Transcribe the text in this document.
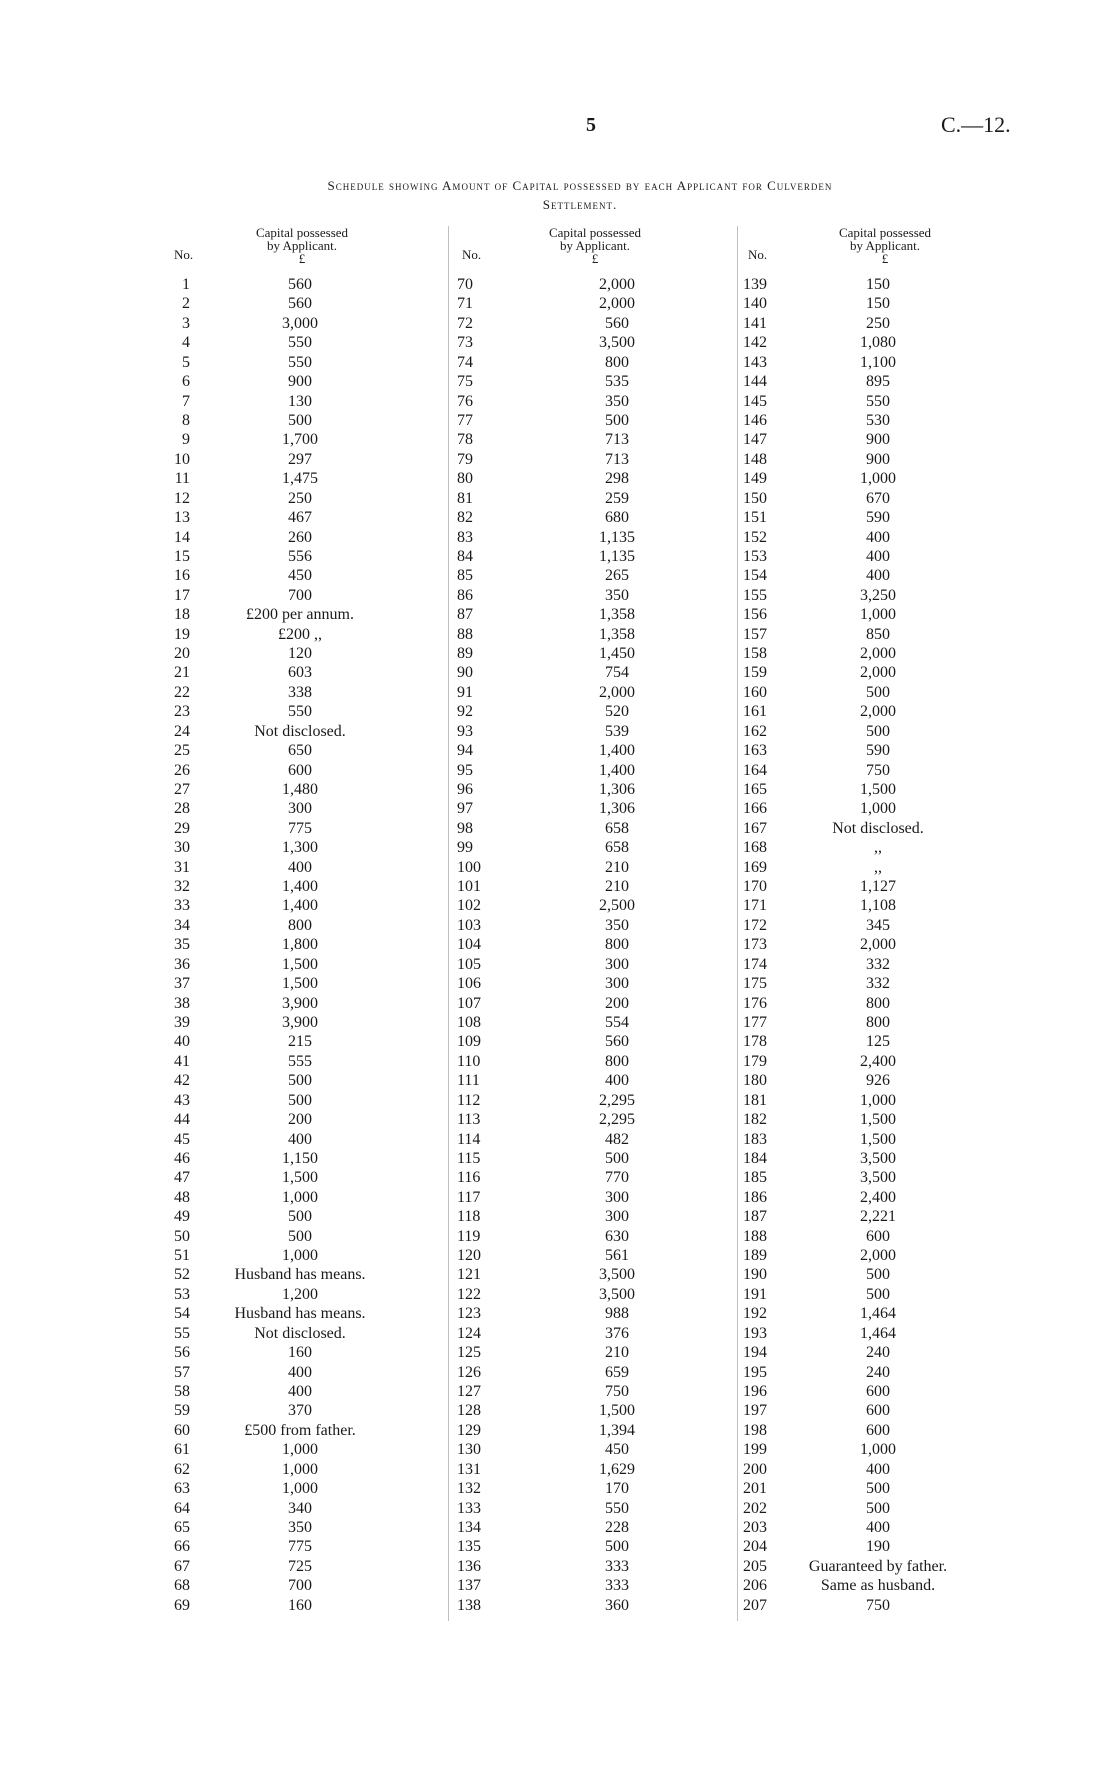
5	C.—12.
Schedule showing Amount of Capital possessed by each Applicant for Culverden
Settlement.
No.
Capital possessed
by Applicant.
£	No.
Capital possessed
by Applicant.
£	No.
Capital possessed
by Applicant.
£
1	560
2	560
3	3,000
4	550
5	550
6	900
7	130
8	500
9	1,700
10	297
11	1,475
12	250
13	467
14	260
15	556
16	450
17	700
18	£200 per annum.
19	£200 ,,
20	120
21	603
22	338
23	550
24	Not disclosed.
25	650
26	600
27	1,480
28	300
29	775
30	1,300
31	400
32	1,400
33	1,400
34	800
35	1,800
36	1,500
37	1,500
38	3,900
39	3,900
40	215
41	555
42	500
43	500
44	200
45	400
46	1,150
47	1,500
48	1,000
49	500
50	500
51	1,000
52	Husband has means.
53	1,200
54	Husband has means.
55	Not disclosed.
56	160
57	400
58	400
59	370
60	£500 from father.
61	1,000
62	1,000
63	1,000
64	340
65	350
66	775
67	725
68	700
69	160
70	2,000
71	2,000
72	560
73	3,500
74	800
75	535
76	350
77	500
78	713
79	713
80	298
81	259
82	680
83	1,135
84	1,135
85	265
86	350
87	1,358
88	1,358
89	1,450
90	754
91	2,000
92	520
93	539
94	1,400
95	1,400
96	1,306
97	1,306
98	658
99	658
100	210
101	210
102	2,500
103	350
104	800
105	300
106	300
107	200
108	554
109	560
110	800
111	400
112	2,295
113	2,295
114	482
115	500
116	770
117	300
118	300
119	630
120	561
121	3,500
122	3,500
123	988
124	376
125	210
126	659
127	750
128	1,500
129	1,394
130	450
131	1,629
132	170
133	550
134	228
135	500
136	333
137	333
138	360
139	150
140	150
141	250
142	1,080
143	1,100
144	895
145	550
146	530
147	900
148	900
149	1,000
150	670
151	590
152	400
153	400
154	400
155	3,250
156	1,000
157	850
158	2,000
159	2,000
160	500
161	2,000
162	500
163	590
164	750
165	1,500
166	1,000
167	Not disclosed.
168	,,
169	,,
170	1,127
171	1,108
172	345
173	2,000
174	332
175	332
176	800
177	800
178	125
179	2,400
180	926
181	1,000
182	1,500
183	1,500
184	3,500
185	3,500
186	2,400
187	2,221
188	600
189	2,000
190	500
191	500
192	1,464
193	1,464
194	240
195	240
196	600
197	600
198	600
199	1,000
200	400
201	500
202	500
203	400
204	190
205	Guaranteed by father.
206	Same as husband.
207	750
